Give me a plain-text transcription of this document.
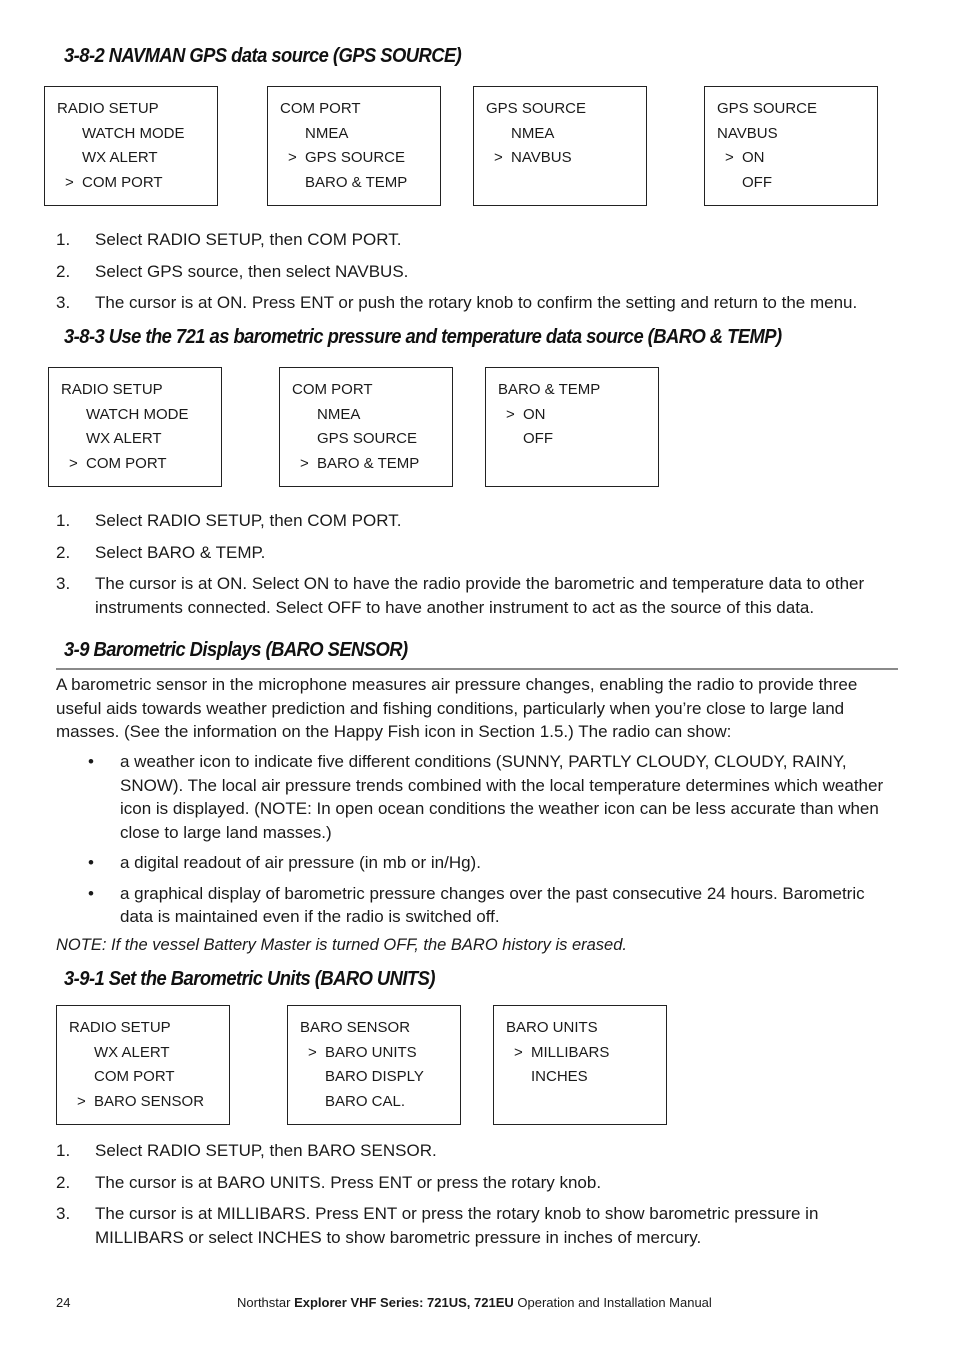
3-8-2 NAVMAN GPS data source (GPS SOURCE)
RADIO SETUP
WATCH MODE
WX ALERT
> COM PORT
COM PORT
NMEA
> GPS SOURCE
BARO & TEMP
GPS SOURCE
NMEA
> NAVBUS
GPS SOURCE
NAVBUS
> ON
OFF
1. Select RADIO SETUP, then COM PORT.
2. Select GPS source, then select NAVBUS.
3. The cursor is at ON. Press ENT or push the rotary knob to confirm the setting and return to the menu.
3-8-3 Use the 721 as barometric pressure and temperature data source (BARO & TEMP)
RADIO SETUP
WATCH MODE
WX ALERT
> COM PORT
COM PORT
NMEA
GPS SOURCE
> BARO & TEMP
BARO & TEMP
> ON
OFF
1. Select RADIO SETUP, then COM PORT.
2. Select BARO & TEMP.
3. The cursor is at ON. Select ON to have the radio provide the barometric and temperature data to other instruments connected. Select OFF to have another instrument to act as the source of this data.
3-9 Barometric Displays (BARO SENSOR)

A barometric sensor in the microphone measures air pressure changes, enabling the radio to provide three useful aids towards weather prediction and fishing conditions, particularly when you’re close to large land masses. (See the information on the Happy Fish icon in Section 1.5.) The radio can show:

• a weather icon to indicate five different conditions (SUNNY, PARTLY CLOUDY, CLOUDY, RAINY, SNOW). The local air pressure trends combined with the local temperature determines which weather icon is displayed. (NOTE: In open ocean conditions the weather icon can be less accurate than when close to large land masses.)
• a digital readout of air pressure (in mb or in/Hg).
• a graphical display of barometric pressure changes over the past consecutive 24 hours. Barometric data is maintained even if the radio is switched off.
NOTE: If the vessel Battery Master is turned OFF, the BARO history is erased.
3-9-1 Set the Barometric Units (BARO UNITS)
RADIO SETUP
WX ALERT
COM PORT
> BARO SENSOR
BARO SENSOR
> BARO UNITS
BARO DISPLY
BARO CAL.
BARO UNITS
> MILLIBARS
INCHES
1. Select RADIO SETUP, then BARO SENSOR.
2. The cursor is at BARO UNITS. Press ENT or press the rotary knob.
3. The cursor is at MILLIBARS. Press ENT or press the rotary knob to show barometric pressure in MILLIBARS or select INCHES to show barometric pressure in inches of mercury.
24	Northstar Explorer VHF Series: 721US, 721EU Operation and Installation Manual
